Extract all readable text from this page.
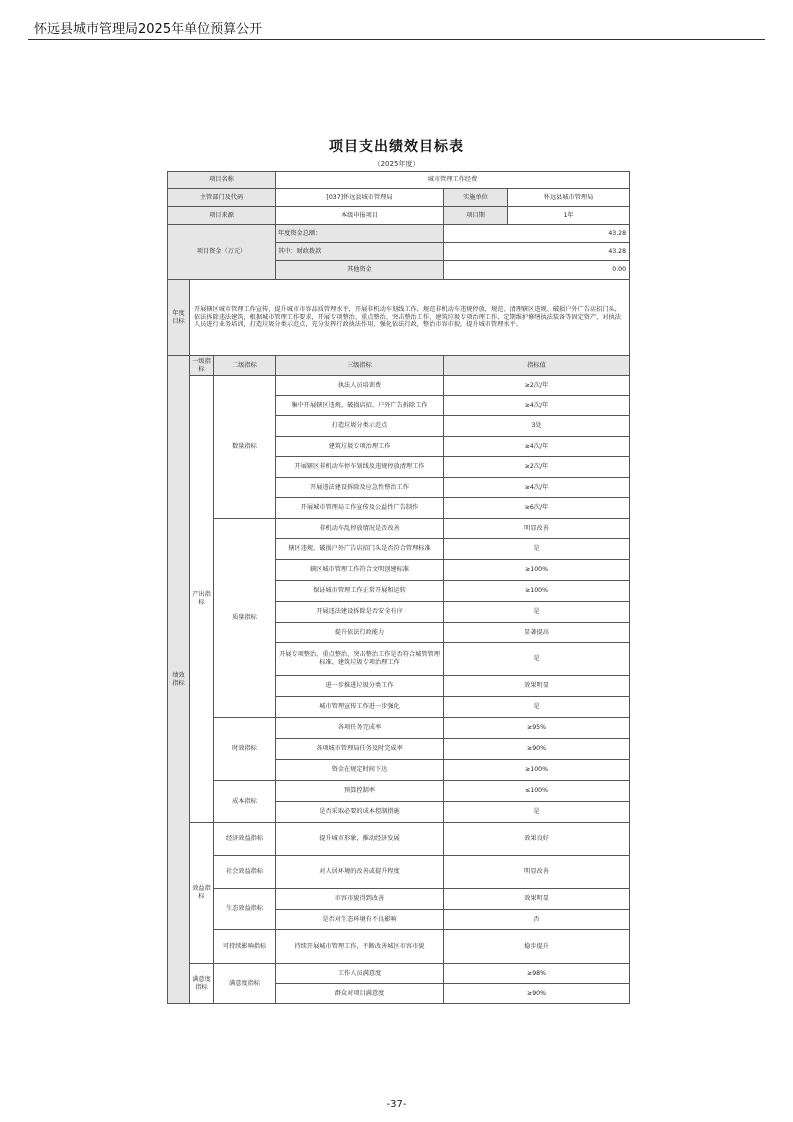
怀远县城市管理局2025年单位预算公开
项目支出绩效目标表
（2025年度）
项目名称			城市管理工作经费		
主管部门及代码			[037]怀远县城市管理局	实施单位	怀远县城市管理局
项目来源			本级申报项目	项目期	1年
项目资金（万元）			年度资金总额：	43.28	
			其中：财政拨款	43.28	
			其他资金	0.00	
年度目标	开展辖区城市管理工作宣传，提升城市市容品质管理水平，开展非机动车划线工作，规范非机动车违规停放，规范、清理辖区违规、破损户外广告店招门头，依法拆除违法建筑，根据城市管理工作要求，开展专项整治、重点整治、突击整治工作，建筑垃圾专项治理工作，定期维护修缮执法装备等固定资产，对执法人员进行业务培训，打造垃圾分类示范点，充分发挥行政执法作用，强化依法行政，整治市容市貌，提升城市管理水平。				
绩效指标	一级指标	二级指标	三级指标	指标值	
	产出指标	数量指标	执法人员培训费	≥2次/年	
			集中开展辖区违规、破损店招、户外广告拆除工作	≥4次/年	
			打造垃圾分类示范点	3处	
			建筑垃圾专项治理工作	≥4次/年	
			开展辖区非机动车停车划线及违规停放清理工作	≥2次/年	
			开展违法建设拆除及应急性整治工作	≥4次/年	
			开展城市管理局工作宣传及公益性广告制作	≥6次/年	
		质量指标	非机动车乱停放情况是否改善	明显改善	
			辖区违规、破损户外广告店招门头是否符合管理标准	是	
			辖区城市管理工作符合文明创建标准	≥100%	
			保证城市管理工作正常开展和运转	≥100%	
			开展违法建设拆除是否安全有序	是	
			提升依法行政能力	显著提高	
			开展专项整治、重点整治、突击整治工作是否符合城管管理标准、建筑垃圾专项治理工作	是	
			进一步推进垃圾分类工作	效果明显	
			城市管理宣传工作进一步强化	是	
		时效指标	各项任务完成率	≥95%	
			各项城市管理局任务及时完成率	≥90%	
			资金在规定时间下达	≥100%	
		成本指标	预算控制率	≤100%	
			是否采取必要的成本控制措施	是	
	效益指标	经济效益指标	提升城市形象，推动经济发展	效果良好	
		社会效益指标	对人居环境的改善或提升程度	明显改善	
		生态效益指标	市容市貌得到改善	效果明显	
			是否对生态环境有不良影响	否	
		可持续影响指标	持续开展城市管理工作，不断改善城区市容市貌	稳步提升	
	满意度指标	满意度指标	工作人员满意度	≥98%	
			群众对项目满意度	≥90%	
-37-
